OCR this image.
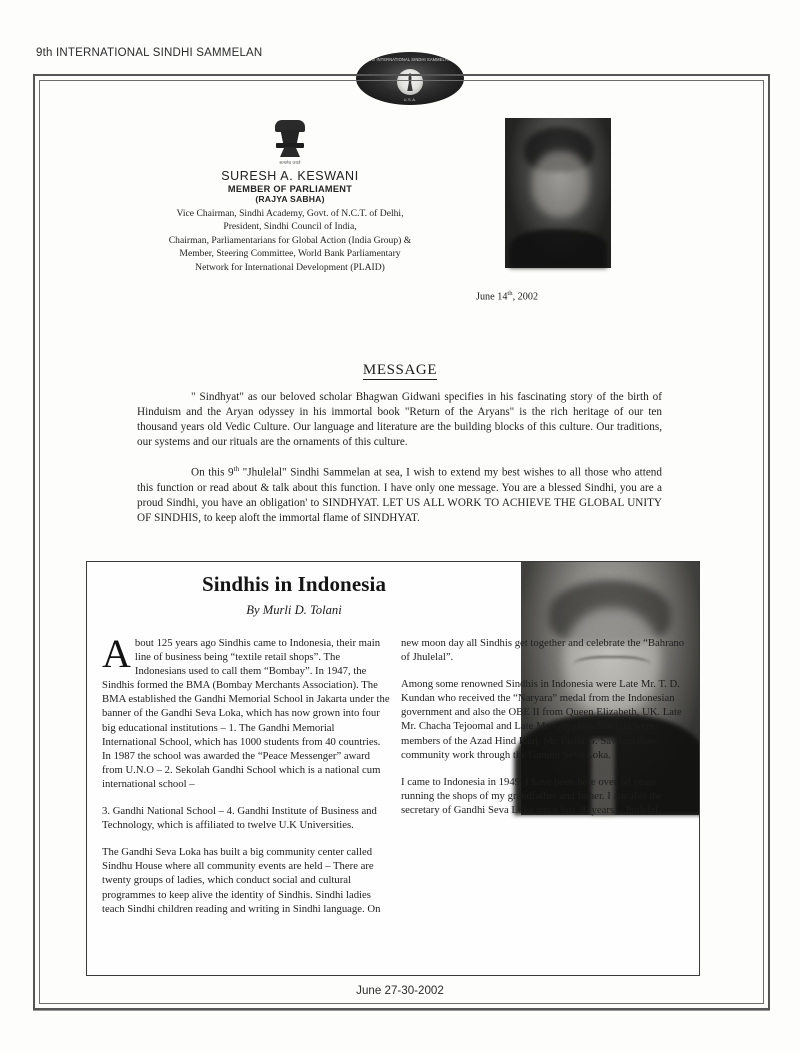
9th INTERNATIONAL SINDHI SAMMELAN
9th INTERNATIONAL SINDHI SAMMELAN
U.S.A.
सत्यमेव जयते
SURESH A. KESWANI
MEMBER OF PARLIAMENT
(RAJYA SABHA)
Vice Chairman, Sindhi Academy, Govt. of N.C.T. of Delhi,
President, Sindhi Council of India,
Chairman, Parliamentarians for Global Action (India Group) &
Member, Steering Committee, World Bank Parliamentary
Network for International Development (PLAID)
June 14th, 2002
MESSAGE

" Sindhyat" as our beloved scholar Bhagwan Gidwani specifies in his fascinating story of the birth of Hinduism and the Aryan odyssey in his immortal book "Return of the Aryans" is the rich heritage of our ten thousand years old Vedic Culture. Our language and literature are the building blocks of this culture. Our traditions, our systems and our rituals are the ornaments of this culture.

On this 9th "Jhulelal" Sindhi Sammelan at sea, I wish to extend my best wishes to all those who attend this function or read about & talk about this function. I have only one message. You are a blessed Sindhi, you are a proud Sindhi, you have an obligation' to SINDHYAT. LET US ALL WORK TO ACHIEVE THE GLOBAL UNITY OF SINDHIS, to keep aloft the immortal flame of SINDHYAT.

Sindhis in Indonesia
By Murli D. Tolani

About 125 years ago Sindhis came to Indonesia, their main line of business being “textile retail shops”. The Indonesians used to call them “Bombay”. In 1947, the Sindhis formed the BMA (Bombay Merchants Association). The BMA established the Gandhi Memorial School in Jakarta under the banner of the Gandhi Seva Loka, which has now grown into four big educational institutions – 1. The Gandhi Memorial International School, which has 1000 students from 40 countries. In 1987 the school was awarded the “Peace Messenger” award from U.N.O – 2. Sekolah Gandhi School which is a national cum international school –

3. Gandhi National School – 4. Gandhi Institute of Business and Technology, which is affiliated to twelve U.K Universities.

The Gandhi Seva Loka has built a big community center called Sindhu House where all community events are held – There are twenty groups of ladies, which conduct social and cultural programmes to keep alive the identity of Sindhis. Sindhi ladies teach Sindhi children reading and writing in Sindhi language. On

new moon day all Sindhis get together and celebrate the “Bahrano of Jhulelal”.

Among some renowned Sindhis in Indonesia were Late Mr. T. D. Kundan who received the “Naryara” medal from the Indonesian government and also the OBE II from Queen Elizabeth, UK. Late Mr. Chacha Tejoomal and Late Mr. Gopaldas Sawlani were members of the Azad Hind Fauj. Mr. Pishu G. Sawlani does community work through the Gandhi Seva Loka.

I came to Indonesia in 1949. I have been here over 50 years running the shops of my grandfather and father. I am also the secretary of Gandhi Seva Loka since last 30 years – Jhulelal.

June 27-30-2002
